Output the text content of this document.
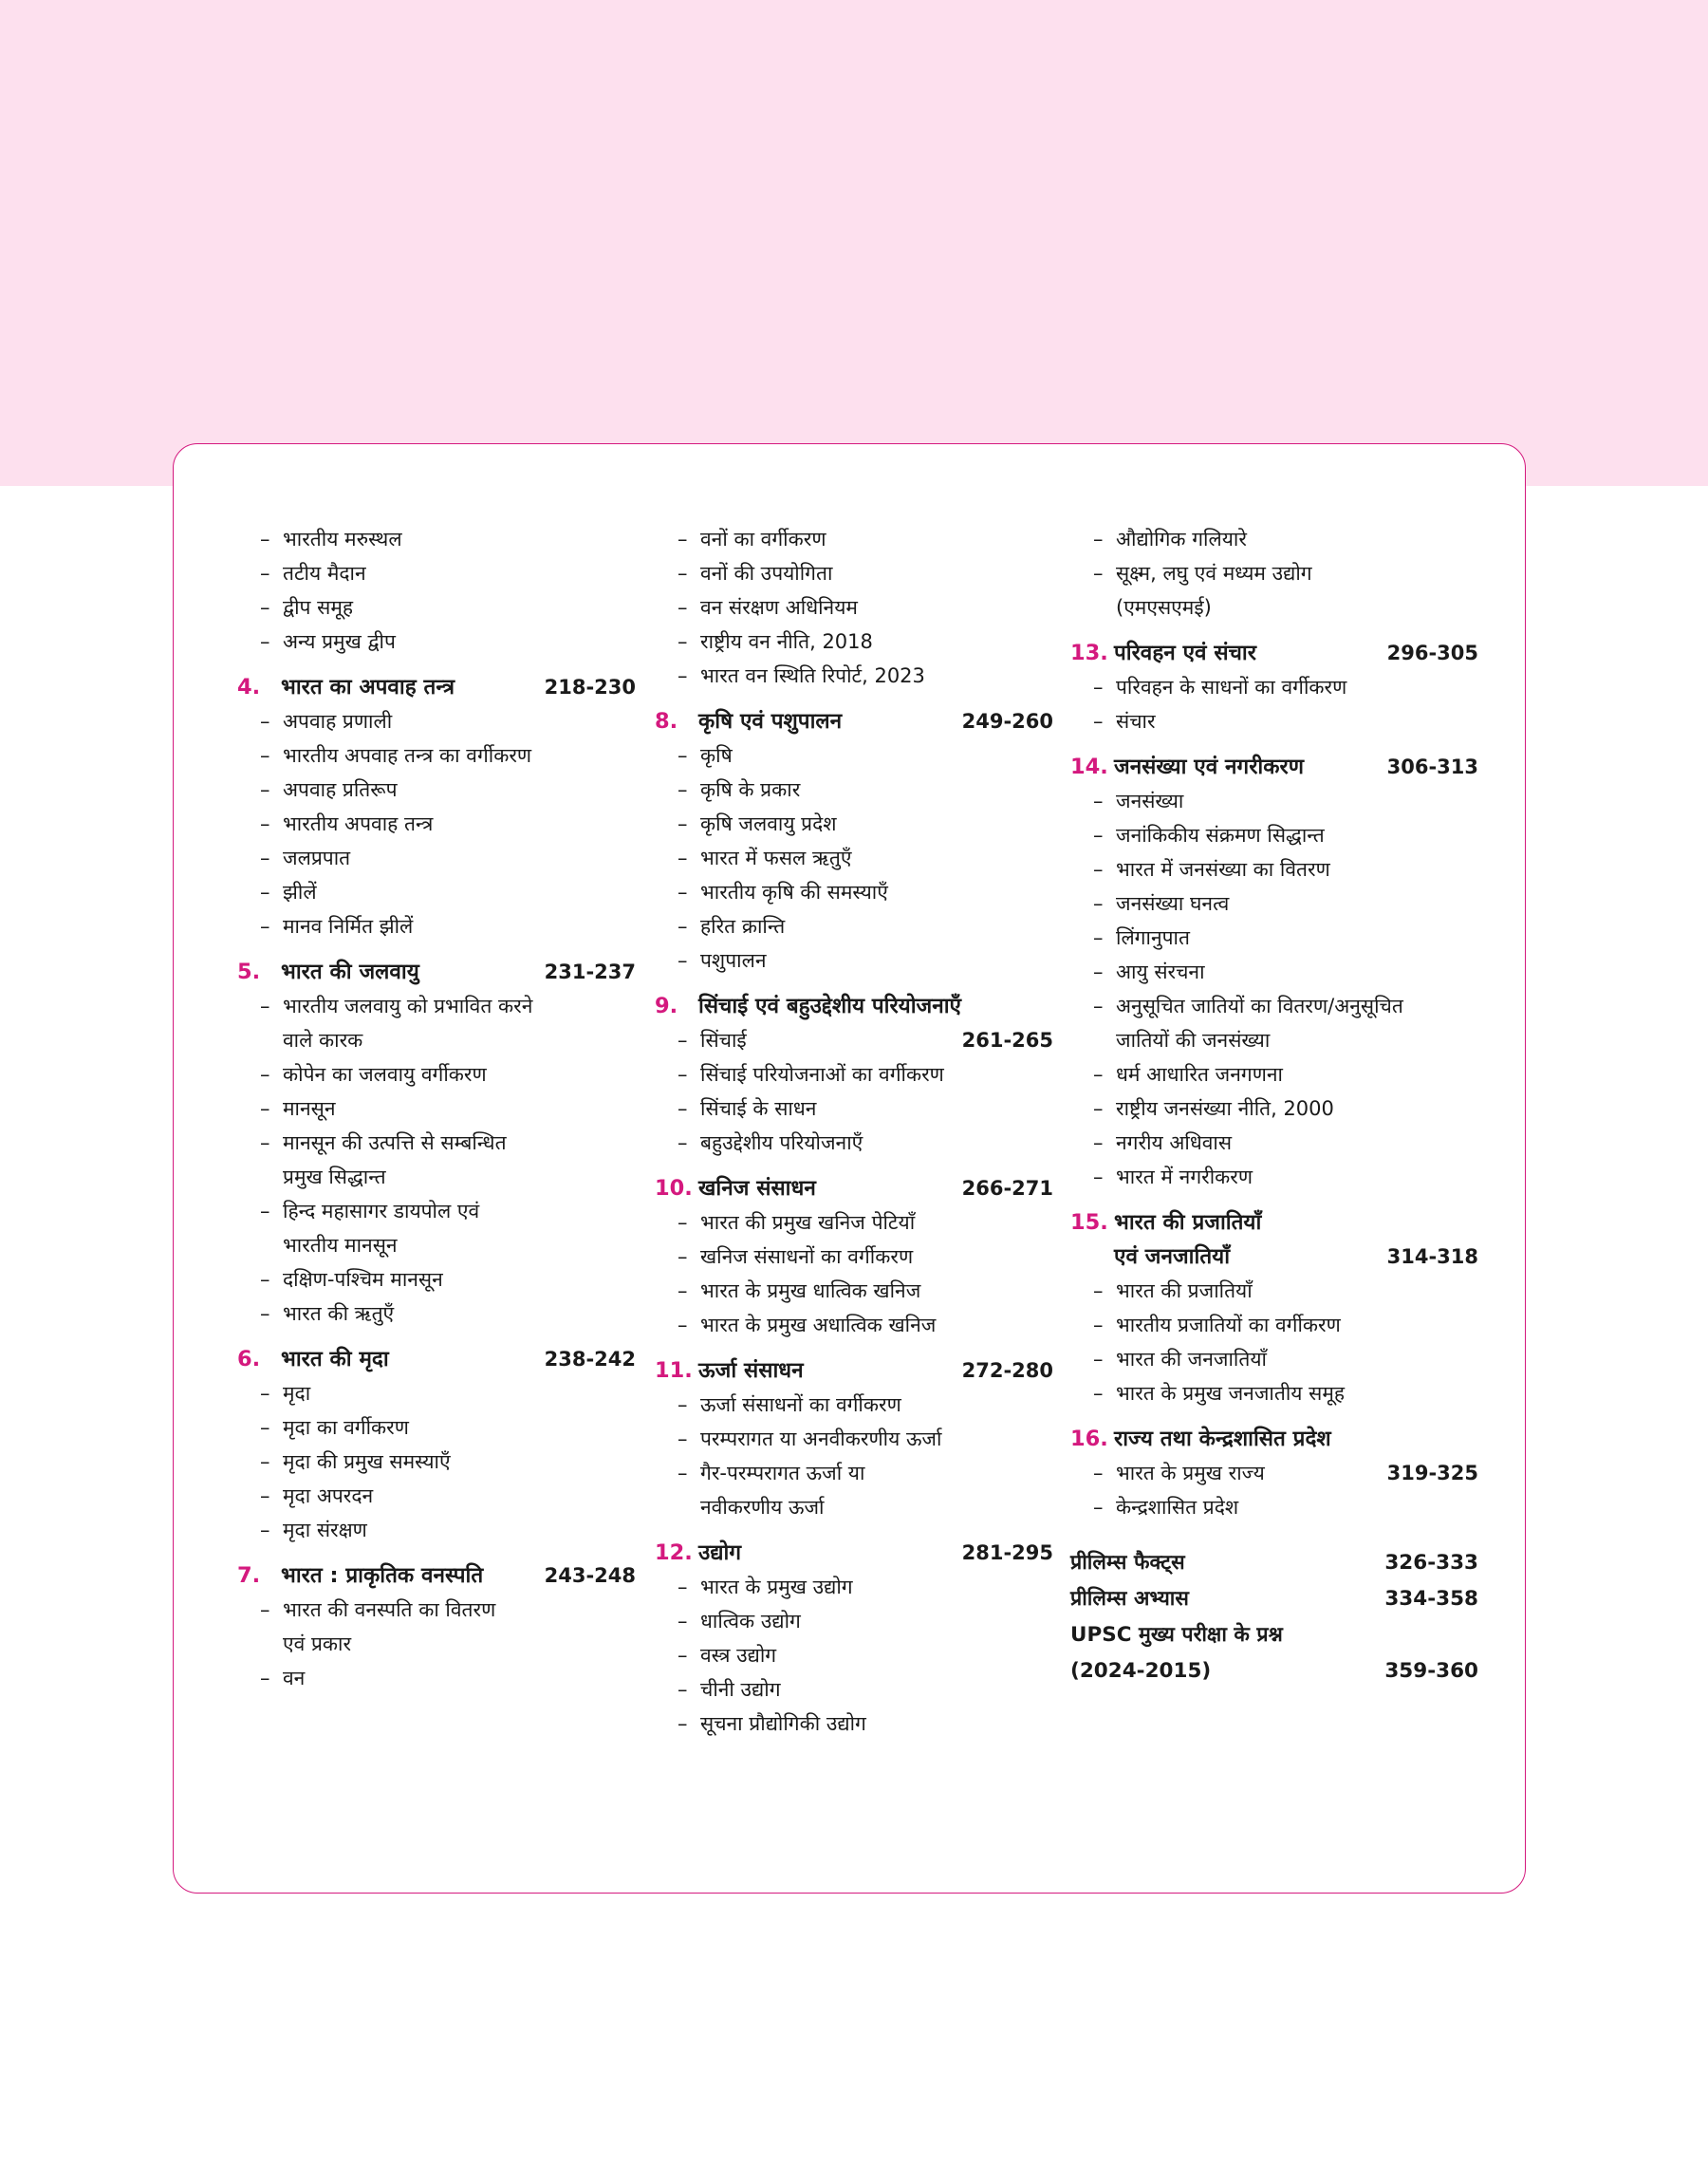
– भारतीय मरुस्थल
– तटीय मैदान
– द्वीप समूह
– अन्य प्रमुख द्वीप
4. भारत का अपवाह तन्त्र	218-230
– अपवाह प्रणाली
– भारतीय अपवाह तन्त्र का वर्गीकरण
– अपवाह प्रतिरूप
– भारतीय अपवाह तन्त्र
– जलप्रपात
– झीलें
– मानव निर्मित झीलें
5. भारत की जलवायु	231-237
– भारतीय जलवायु को प्रभावित करने
वाले कारक
– कोपेन का जलवायु वर्गीकरण
– मानसून
– मानसून की उत्पत्ति से सम्बन्धित
प्रमुख सिद्धान्त
– हिन्द महासागर डायपोल एवं
भारतीय मानसून
– दक्षिण-पश्चिम मानसून
– भारत की ऋतुएँ
6. भारत की मृदा	238-242
– मृदा
– मृदा का वर्गीकरण
– मृदा की प्रमुख समस्याएँ
– मृदा अपरदन
– मृदा संरक्षण
7. भारत : प्राकृतिक वनस्पति	243-248
– भारत की वनस्पति का वितरण
एवं प्रकार
– वन
– वनों का वर्गीकरण
– वनों की उपयोगिता
– वन संरक्षण अधिनियम
– राष्ट्रीय वन नीति, 2018
– भारत वन स्थिति रिपोर्ट, 2023
8. कृषि एवं पशुपालन	249-260
– कृषि
– कृषि के प्रकार
– कृषि जलवायु प्रदेश
– भारत में फसल ऋतुएँ
– भारतीय कृषि की समस्याएँ
– हरित क्रान्ति
– पशुपालन
9. सिंचाई एवं बहुउद्देशीय परियोजनाएँ
– सिंचाई	261-265
– सिंचाई परियोजनाओं का वर्गीकरण
– सिंचाई के साधन
– बहुउद्देशीय परियोजनाएँ
10. खनिज संसाधन	266-271
– भारत की प्रमुख खनिज पेटियाँ
– खनिज संसाधनों का वर्गीकरण
– भारत के प्रमुख धात्विक खनिज
– भारत के प्रमुख अधात्विक खनिज
11. ऊर्जा संसाधन	272-280
– ऊर्जा संसाधनों का वर्गीकरण
– परम्परागत या अनवीकरणीय ऊर्जा
– गैर-परम्परागत ऊर्जा या
नवीकरणीय ऊर्जा
12. उद्योग	281-295
– भारत के प्रमुख उद्योग
– धात्विक उद्योग
– वस्त्र उद्योग
– चीनी उद्योग
– सूचना प्रौद्योगिकी उद्योग
– औद्योगिक गलियारे
– सूक्ष्म, लघु एवं मध्यम उद्योग
(एमएसएमई)
13. परिवहन एवं संचार	296-305
– परिवहन के साधनों का वर्गीकरण
– संचार
14. जनसंख्या एवं नगरीकरण	306-313
– जनसंख्या
– जनांकिकीय संक्रमण सिद्धान्त
– भारत में जनसंख्या का वितरण
– जनसंख्या घनत्व
– लिंगानुपात
– आयु संरचना
– अनुसूचित जातियों का वितरण/अनुसूचित
जातियों की जनसंख्या
– धर्म आधारित जनगणना
– राष्ट्रीय जनसंख्या नीति, 2000
– नगरीय अधिवास
– भारत में नगरीकरण
15. भारत की प्रजातियाँ
एवं जनजातियाँ	314-318
– भारत की प्रजातियाँ
– भारतीय प्रजातियों का वर्गीकरण
– भारत की जनजातियाँ
– भारत के प्रमुख जनजातीय समूह
16. राज्य तथा केन्द्रशासित प्रदेश
– भारत के प्रमुख राज्य	319-325
– केन्द्रशासित प्रदेश
प्रीलिम्स फैक्ट्स	326-333
प्रीलिम्स अभ्यास	334-358
UPSC मुख्य परीक्षा के प्रश्न
(2024-2015)	359-360
